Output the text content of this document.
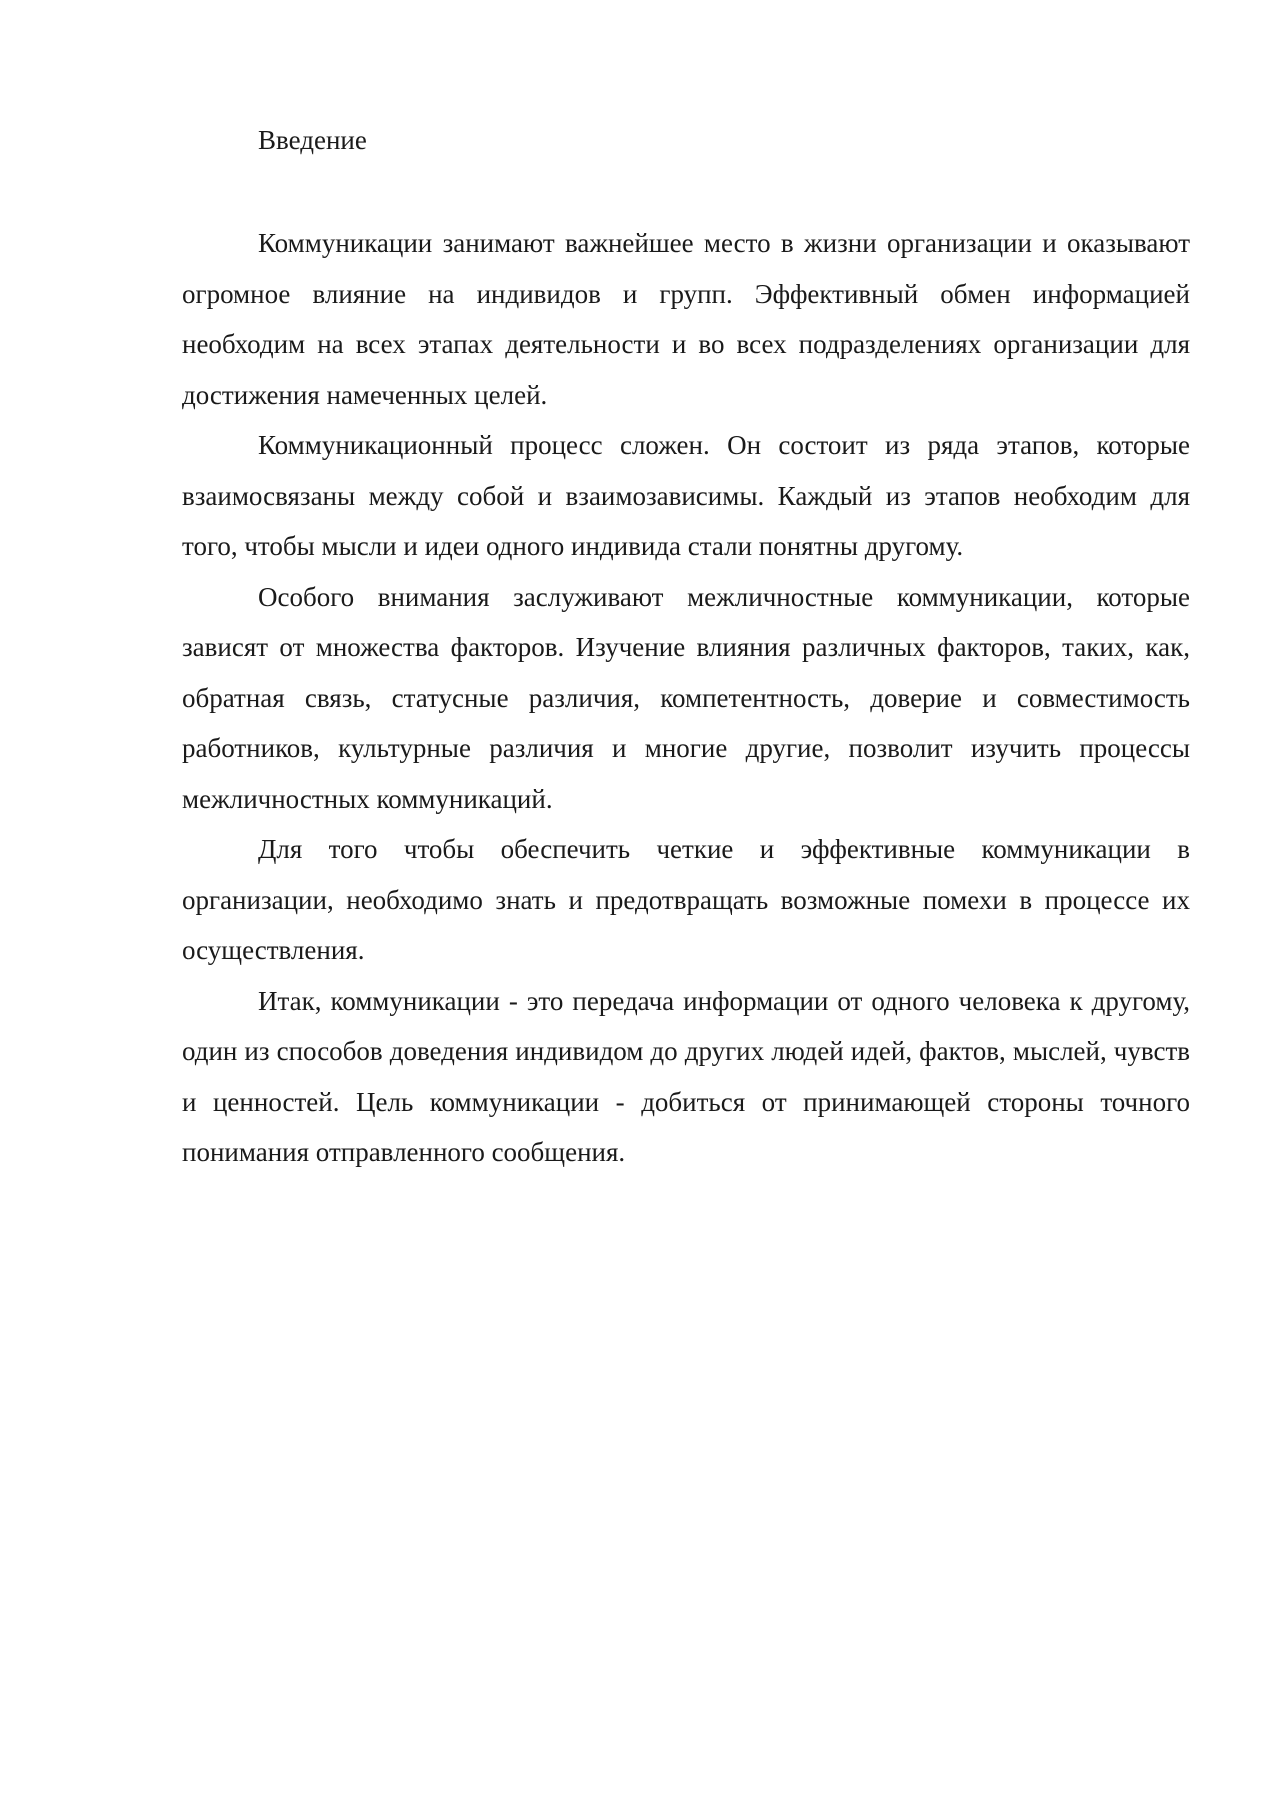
Введение

Коммуникации занимают важнейшее место в жизни организации и оказывают огромное влияние на индивидов и групп. Эффективный обмен информацией необходим на всех этапах деятельности и во всех подразделениях организации для достижения намеченных целей.

Коммуникационный процесс сложен. Он состоит из ряда этапов, которые взаимосвязаны между собой и взаимозависимы. Каждый из этапов необходим для того, чтобы мысли и идеи одного индивида стали понятны другому.

Особого внимания заслуживают межличностные коммуникации, которые зависят от множества факторов. Изучение влияния различных факторов, таких, как, обратная связь, статусные различия, компетентность, доверие и совместимость работников, культурные различия и многие другие, позволит изучить процессы межличностных коммуникаций.

Для того чтобы обеспечить четкие и эффективные коммуникации в организации, необходимо знать и предотвращать возможные помехи в процессе их осуществления.

Итак, коммуникации - это передача информации от одного человека к другому, один из способов доведения индивидом до других людей идей, фактов, мыслей, чувств и ценностей. Цель коммуникации - добиться от принимающей стороны точного понимания отправленного сообщения.
